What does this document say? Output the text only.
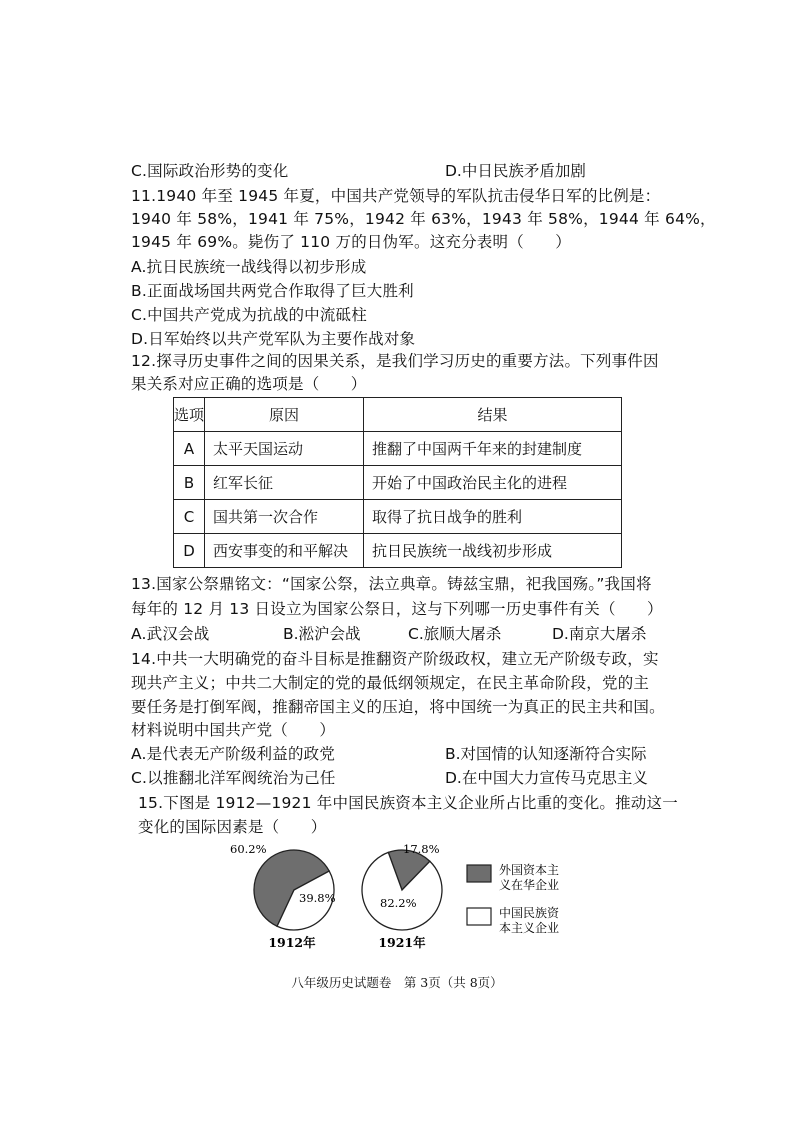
C.国际政治形势的变化	D.中日民族矛盾加剧
11.1940 年至 1945 年夏，中国共产党领导的军队抗击侵华日军的比例是：
1940 年 58%，1941 年 75%，1942 年 63%，1943 年 58%，1944 年 64%，
1945 年 69%。毙伤了 110 万的日伪军。这充分表明（　　）
A.抗日民族统一战线得以初步形成
B.正面战场国共两党合作取得了巨大胜利
C.中国共产党成为抗战的中流砥柱
D.日军始终以共产党军队为主要作战对象
12.探寻历史事件之间的因果关系，是我们学习历史的重要方法。下列事件因
果关系对应正确的选项是（　　）
选项	原因	结果
A	太平天国运动	推翻了中国两千年来的封建制度
B	红军长征	开始了中国政治民主化的进程
C	国共第一次合作	取得了抗日战争的胜利
D	西安事变的和平解决	抗日民族统一战线初步形成
13.国家公祭鼎铭文：“国家公祭，法立典章。铸兹宝鼎，祀我国殇。”我国将
每年的 12 月 13 日设立为国家公祭日，这与下列哪一历史事件有关（　　）
A.武汉会战	B.淞沪会战	C.旅顺大屠杀	D.南京大屠杀
14.中共一大明确党的奋斗目标是推翻资产阶级政权，建立无产阶级专政，实
现共产主义；中共二大制定的党的最低纲领规定，在民主革命阶段，党的主
要任务是打倒军阀，推翻帝国主义的压迫，将中国统一为真正的民主共和国。
材料说明中国共产党（　　）
A.是代表无产阶级利益的政党	B.对国情的认知逐渐符合实际
C.以推翻北洋军阀统治为己任	D.在中国大力宣传马克思主义
15.下图是 1912—1921 年中国民族资本主义企业所占比重的变化。推动这一
变化的国际因素是（　　）
60.2%
39.8%
1912年
17.8%
82.2%
1921年
外国资本主
义在华企业
中国民族资
本主义企业
八年级历史试题卷　第 3页（共 8页）
